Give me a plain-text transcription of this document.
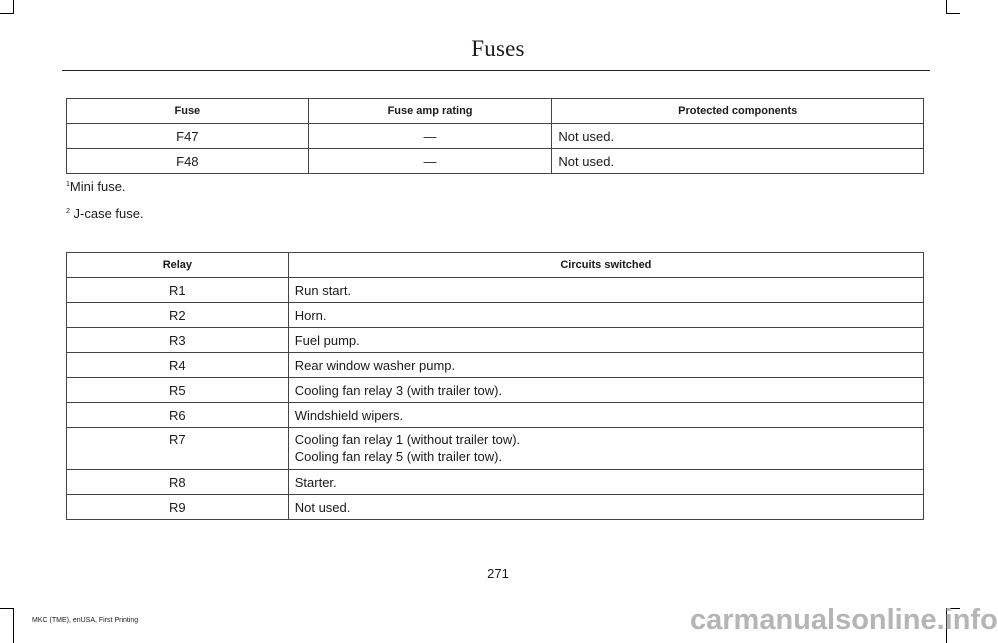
Fuses
Fuse	Fuse amp rating	Protected components
F47	—	Not used.
F48	—	Not used.
$^1$Mini fuse.
$^2$ J-case fuse.
Relay	Circuits switched
R1	Run start.
R2	Horn.
R3	Fuel pump.
R4	Rear window washer pump.
R5	Cooling fan relay 3 (with trailer tow).
R6	Windshield wipers.
R7	Cooling fan relay 1 (without trailer tow).
Cooling fan relay 5 (with trailer tow).

R8	Starter.
R9	Not used.
271
MKC (TME), enUSA, First Printing	carmanualsonline.info
